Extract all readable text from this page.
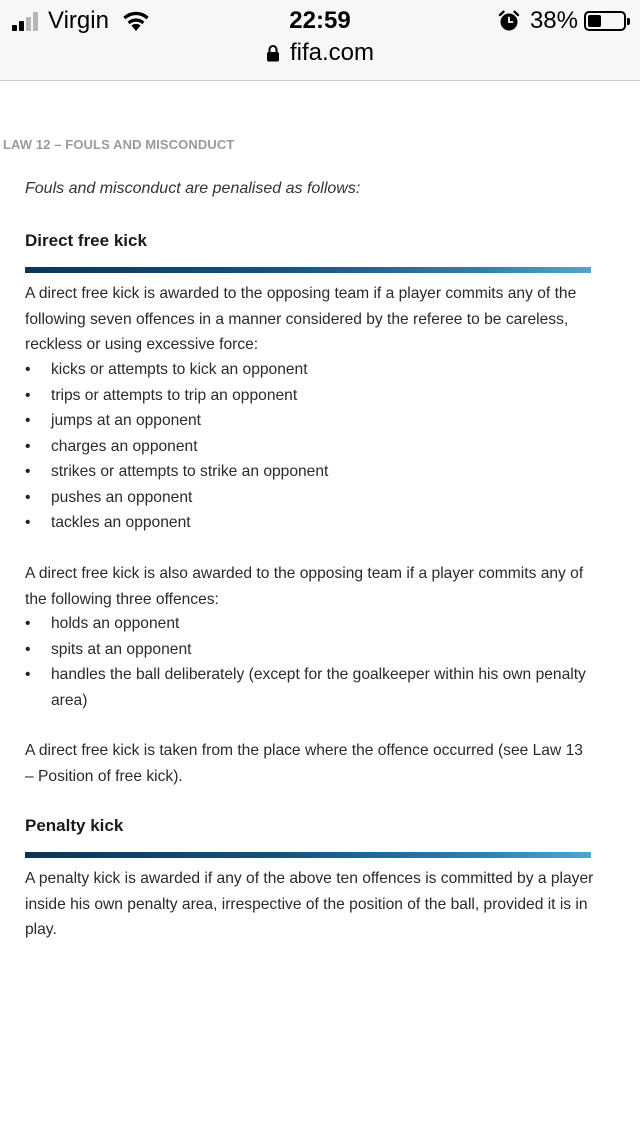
Virgin	22:59	38%
fifa.com
LAW 12 – FOULS AND MISCONDUCT
Fouls and misconduct are penalised as follows:
Direct free kick

A direct free kick is awarded to the opposing team if a player commits any of the following seven offences in a manner considered by the referee to be careless, reckless or using excessive force:

• kicks or attempts to kick an opponent
• trips or attempts to trip an opponent
• jumps at an opponent
• charges an opponent
• strikes or attempts to strike an opponent
• pushes an opponent
• tackles an opponent

A direct free kick is also awarded to the opposing team if a player commits any of the following three offences:

• holds an opponent
• spits at an opponent
• handles the ball deliberately (except for the goalkeeper within his own penalty area)

A direct free kick is taken from the place where the offence occurred (see Law 13 – Position of free kick).

Penalty kick

A penalty kick is awarded if any of the above ten offences is committed by a player inside his own penalty area, irrespective of the position of the ball, provided it is in play.
